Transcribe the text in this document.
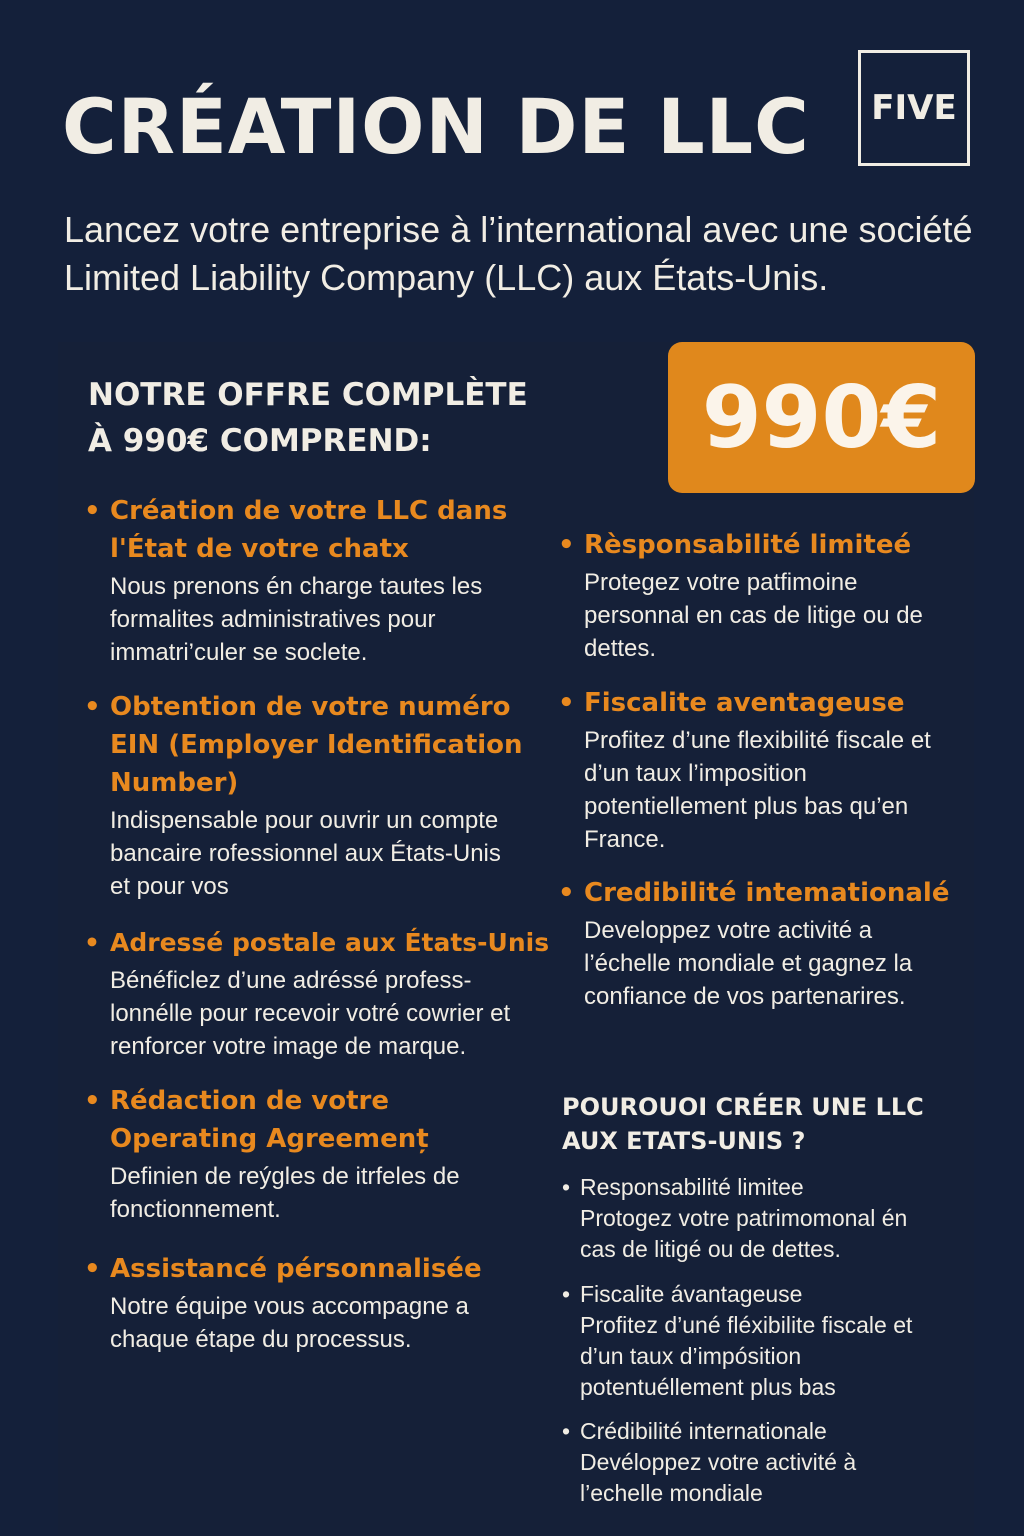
CRÉATION DE LLC	FIVE
Lancez votre entreprise à l’international avec une société Limited Liability Company (LLC) aux États-Unis.
NOTRE OFFRE COMPLÈTE
À 990€ COMPREND:	990€
• Création de votre LLC dans l'État de votre chatx
Nous prenons én charge tautes les formalites administratives pour immatri’culer se soclete.
• Obtention de votre numéro EIN (Employer Identification Number)
Indispensable pour ouvrir un compte bancaire rofessionnel aux États-Unis et pour vos
• Adressé postale aux États-Unis
Bénéficlez d’une adréssé profess-lonnélle pour recevoir votré cowrier et renforcer votre image de marque.
• Rédaction de votre Operating Agreemenț
Definien de reýgles de itrfeles de fonctionnement.
• Assistancé pérsonnalisée
Notre équipe vous accompagne a chaque étape du processus.
• Rèsponsabilité limiteé
Protegez votre patfimoine personnal en cas de litige ou de dettes.
• Fiscalite aventageuse
Profitez d’une flexibilité fiscale et d’un taux l’imposition potentiellement plus bas qu’en France.
• Credibilité intemationalé
Developpez votre activité a l’échelle mondiale et gagnez la confiance de vos partenarires.
POUROUOI CRÉER UNE LLC AUX ETATS-UNIS ?
• Responsabilité limitee
Protogez votre patrimomonal én cas de litigé ou de dettes.
• Fiscalite ávantageuse
Profitez d’uné fléxibilite fiscale et d’un taux d’impósition potentuéllement plus bas
• Crédibilité internationale
Devéloppez votre activité à l’echelle mondiale
